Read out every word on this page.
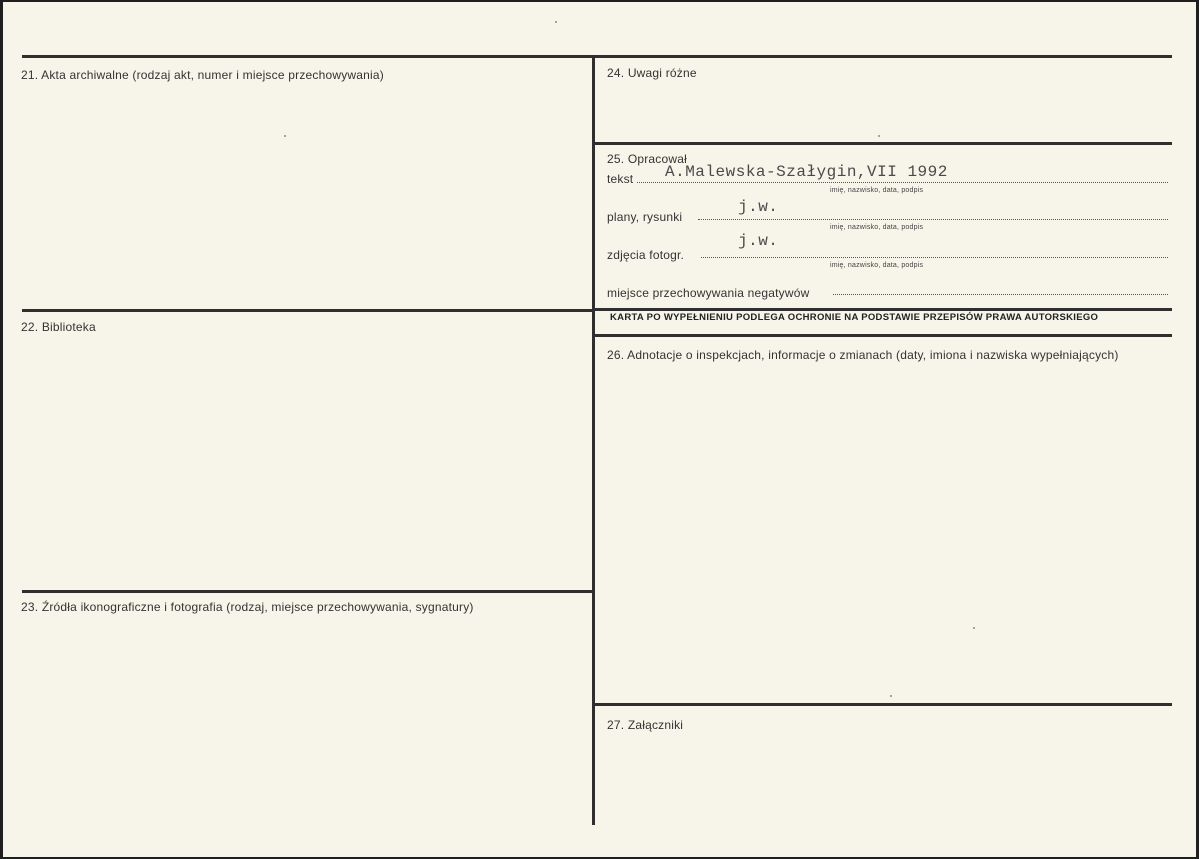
21. Akta archiwalne (rodzaj akt, numer i miejsce przechowywania)
22. Biblioteka
23. Źródła ikonograficzne i fotografia (rodzaj, miejsce przechowywania, sygnatury)
24. Uwagi różne
25. Opracował
tekst A.Malewska-Szałygin,VII 1992
imię, nazwisko, data, podpis
plany, rysunki
j.w.
imię, nazwisko, data, podpis
zdjęcia fotogr.
j.w.
imię, nazwisko, data, podpis
miejsce przechowywania negatywów
KARTA PO WYPEŁNIENIU PODLEGA OCHRONIE NA PODSTAWIE PRZEPISÓW PRAWA AUTORSKIEGO
26. Adnotacje o inspekcjach, informacje o zmianach (daty, imiona i nazwiska wypełniających)
27. Załączniki
